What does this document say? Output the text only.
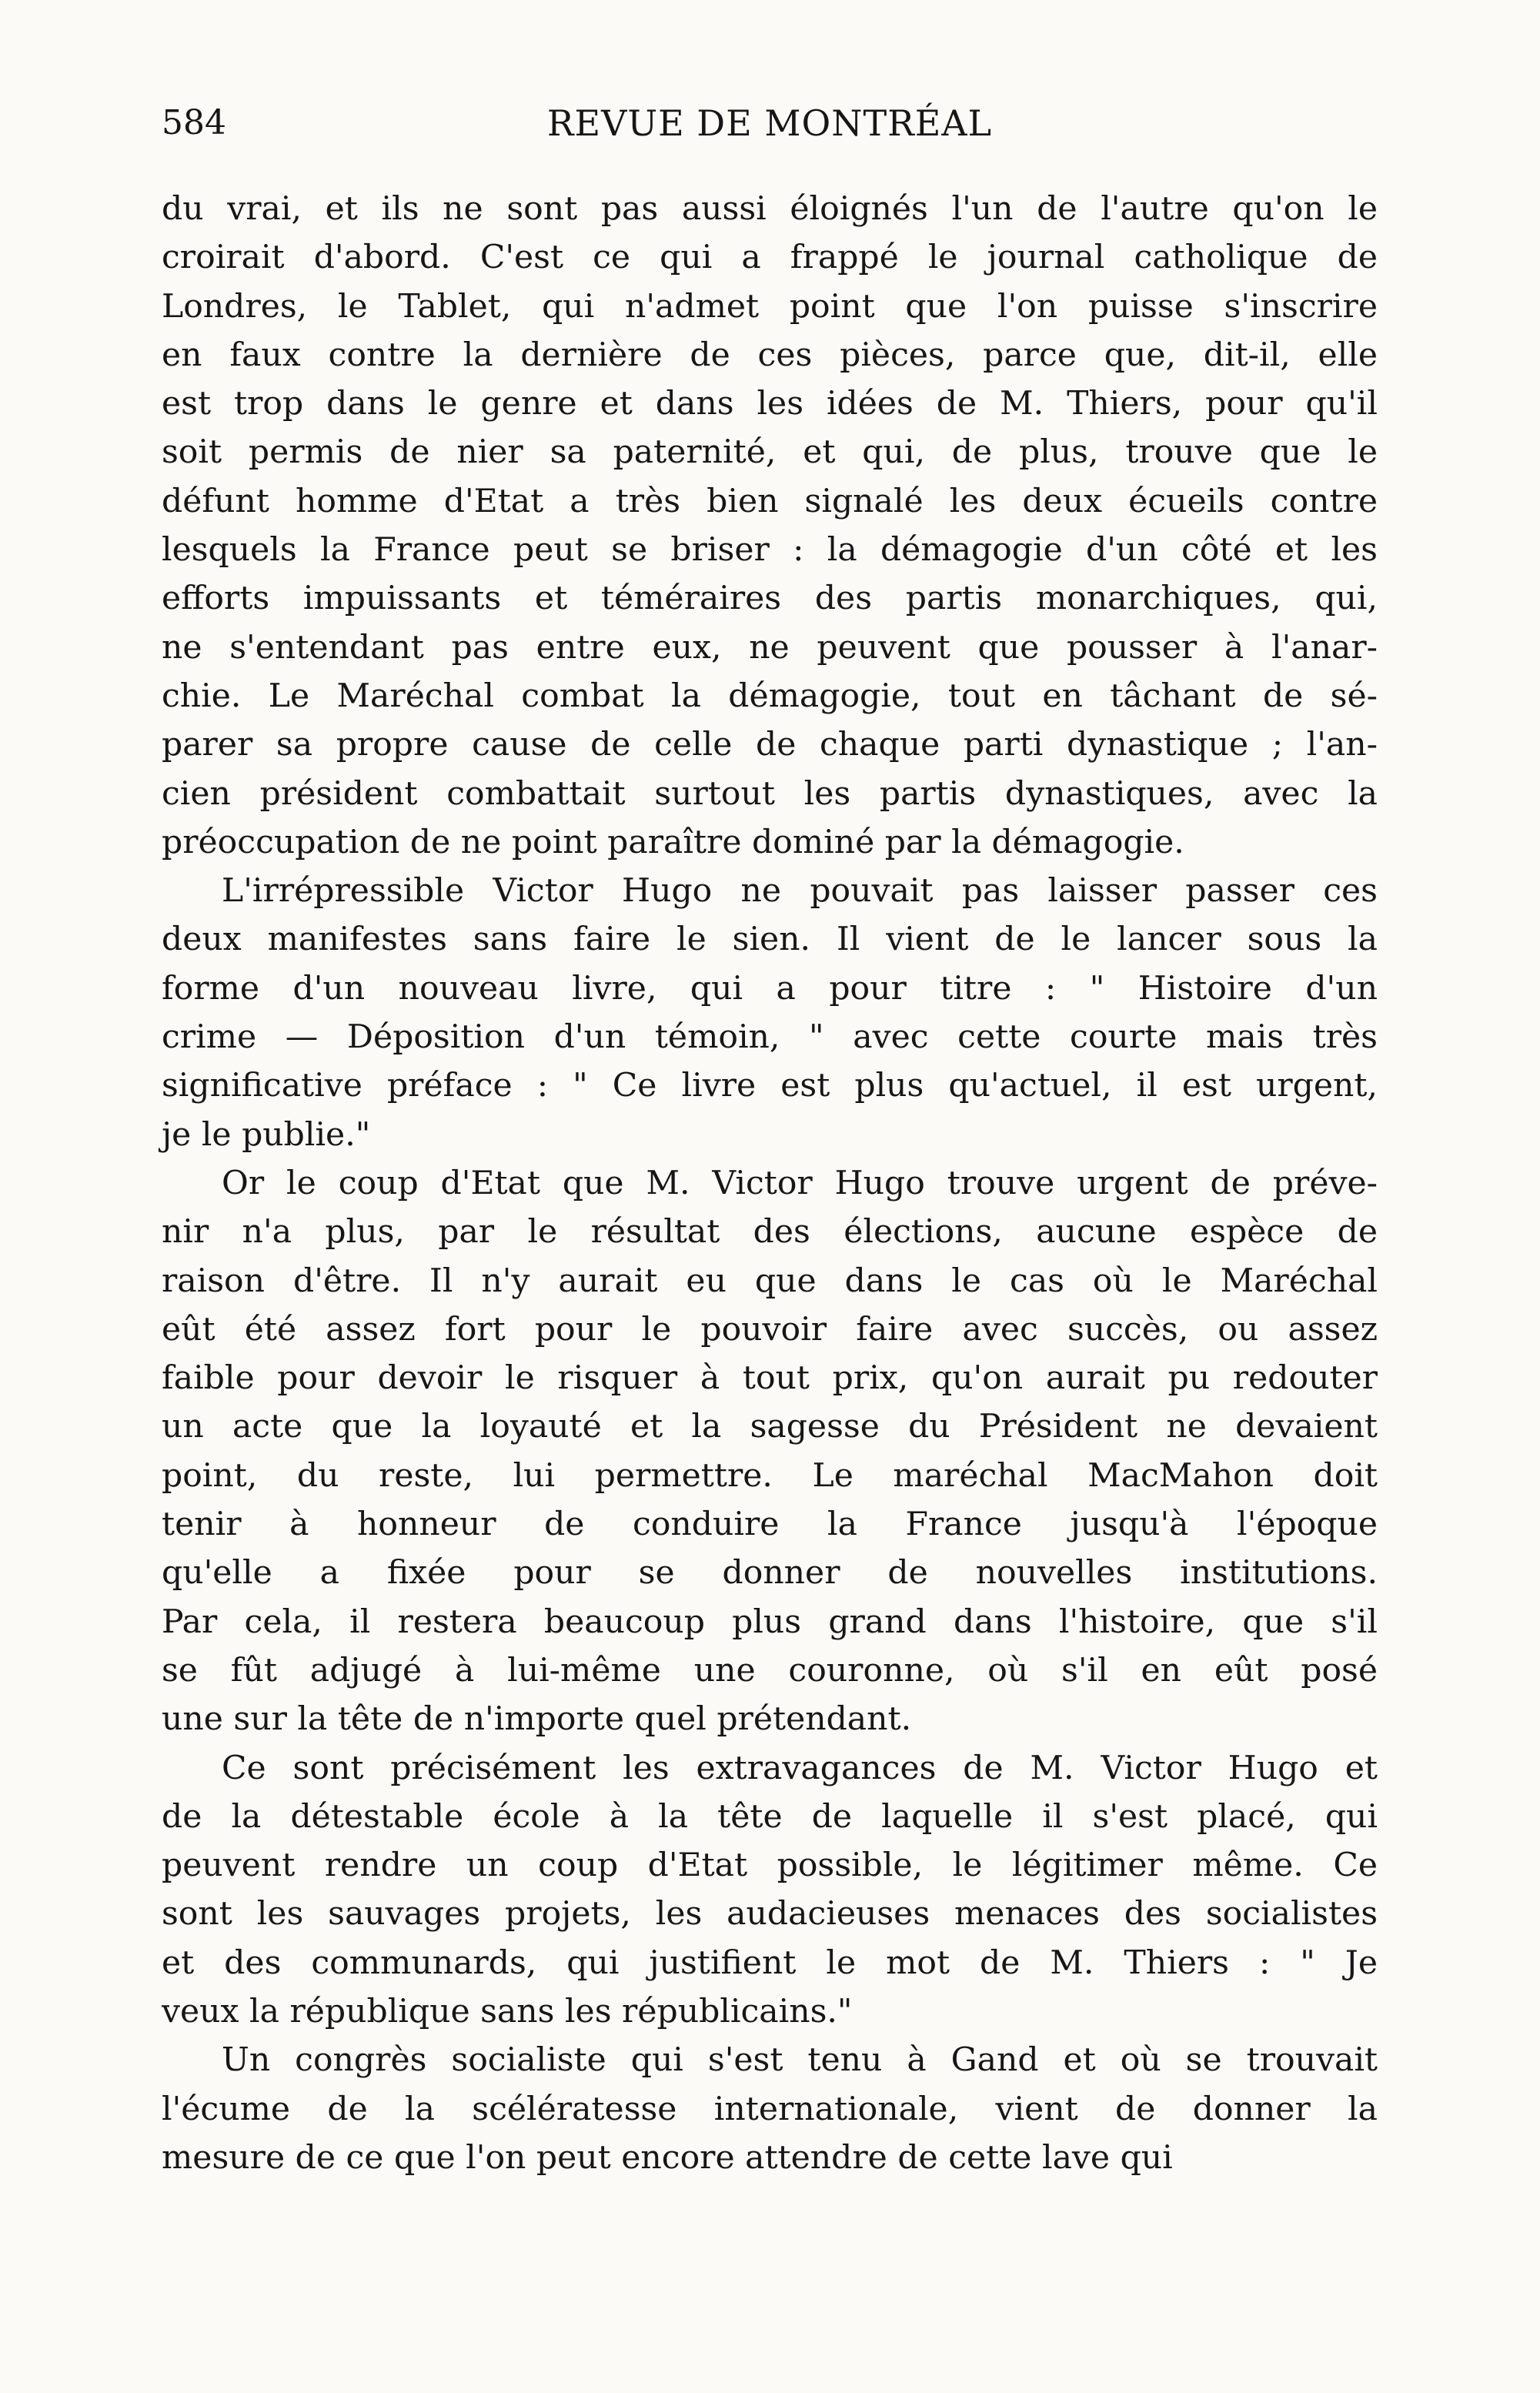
584	REVUE DE MONTRÉAL
du vrai, et ils ne sont pas aussi éloignés l'un de l'autre qu'on le
croirait d'abord. C'est ce qui a frappé le journal catholique de
Londres, le Tablet, qui n'admet point que l'on puisse s'inscrire
en faux contre la dernière de ces pièces, parce que, dit-il, elle
est trop dans le genre et dans les idées de M. Thiers, pour qu'il
soit permis de nier sa paternité, et qui, de plus, trouve que le
défunt homme d'Etat a très bien signalé les deux écueils contre
lesquels la France peut se briser : la démagogie d'un côté et les
efforts impuissants et téméraires des partis monarchiques, qui,
ne s'entendant pas entre eux, ne peuvent que pousser à l'anar-
chie. Le Maréchal combat la démagogie, tout en tâchant de sé-
parer sa propre cause de celle de chaque parti dynastique ; l'an-
cien président combattait surtout les partis dynastiques, avec la
préoccupation de ne point paraître dominé par la démagogie.
L'irrépressible Victor Hugo ne pouvait pas laisser passer ces
deux manifestes sans faire le sien. Il vient de le lancer sous la
forme d'un nouveau livre, qui a pour titre : " Histoire d'un
crime — Déposition d'un témoin, " avec cette courte mais très
significative préface : " Ce livre est plus qu'actuel, il est urgent,
je le publie."
Or le coup d'Etat que M. Victor Hugo trouve urgent de préve-
nir n'a plus, par le résultat des élections, aucune espèce de
raison d'être. Il n'y aurait eu que dans le cas où le Maréchal
eût été assez fort pour le pouvoir faire avec succès, ou assez
faible pour devoir le risquer à tout prix, qu'on aurait pu redouter
un acte que la loyauté et la sagesse du Président ne devaient
point, du reste, lui permettre. Le maréchal MacMahon doit
tenir à honneur de conduire la France jusqu'à l'époque
qu'elle a fixée pour se donner de nouvelles institutions.
Par cela, il restera beaucoup plus grand dans l'histoire, que s'il
se fût adjugé à lui-même une couronne, où s'il en eût posé
une sur la tête de n'importe quel prétendant.
Ce sont précisément les extravagances de M. Victor Hugo et
de la détestable école à la tête de laquelle il s'est placé, qui
peuvent rendre un coup d'Etat possible, le légitimer même. Ce
sont les sauvages projets, les audacieuses menaces des socialistes
et des communards, qui justifient le mot de M. Thiers : " Je
veux la république sans les républicains."
Un congrès socialiste qui s'est tenu à Gand et où se trouvait
l'écume de la scélératesse internationale, vient de donner la
mesure de ce que l'on peut encore attendre de cette lave qui
